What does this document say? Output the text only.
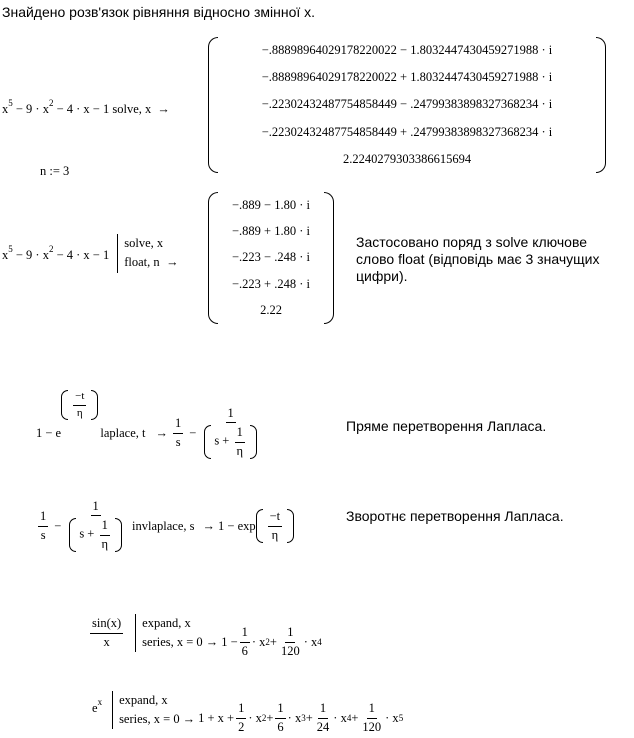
Знайдено розв'язок рівняння відносно змінної x.
$x^5 - 9 \cdot x^2 - 4 \cdot x - 1$ solve, x →
−.88898964029178220022 − 1.8032447430459271988 · i
−.88898964029178220022 + 1.8032447430459271988 · i
−.22302432487754858449 − .24799383898327368234 · i
−.22302432487754858449 + .24799383898327368234 · i
2.2240279303386615694
n := 3
$x^5 - 9 \cdot x^2 - 4 \cdot x - 1$
solve, x
float, n →
−.889 − 1.80 · i
−.889 + 1.80 · i
−.223 − .248 · i
−.223 + .248 · i
2.22
Застосовано поряд з solve ключове
слово float (відповідь має 3 значущих
цифри).
1 − e
$\frac{-t}{\eta}$
laplace, $t \to \frac{1}{s} - \frac{1}{s + \frac{1}{\eta}}$	Пряме перетворення Лапласа.
$\frac{1}{s} - \frac{1}{s + \frac{1}{\eta}}$ invlaplace, $s \to 1 - \exp \frac{-t}{\eta}$	Зворотнє перетворення Лапласа.
$\frac{\sin(x)}{x}$ expand, x
series, $x = 0 \to 1 - \frac{1}{6} \cdot x$ $2 + \frac{1}{120} \cdot x$ 4
$e^x$ expand, x
series, $x = 0 \to 1 + x + \frac{1}{2} \cdot x$ $2 + \frac{1}{6} \cdot x$ $3 + \frac{1}{24} \cdot x$ $4 + \frac{1}{120} \cdot x$ 5
